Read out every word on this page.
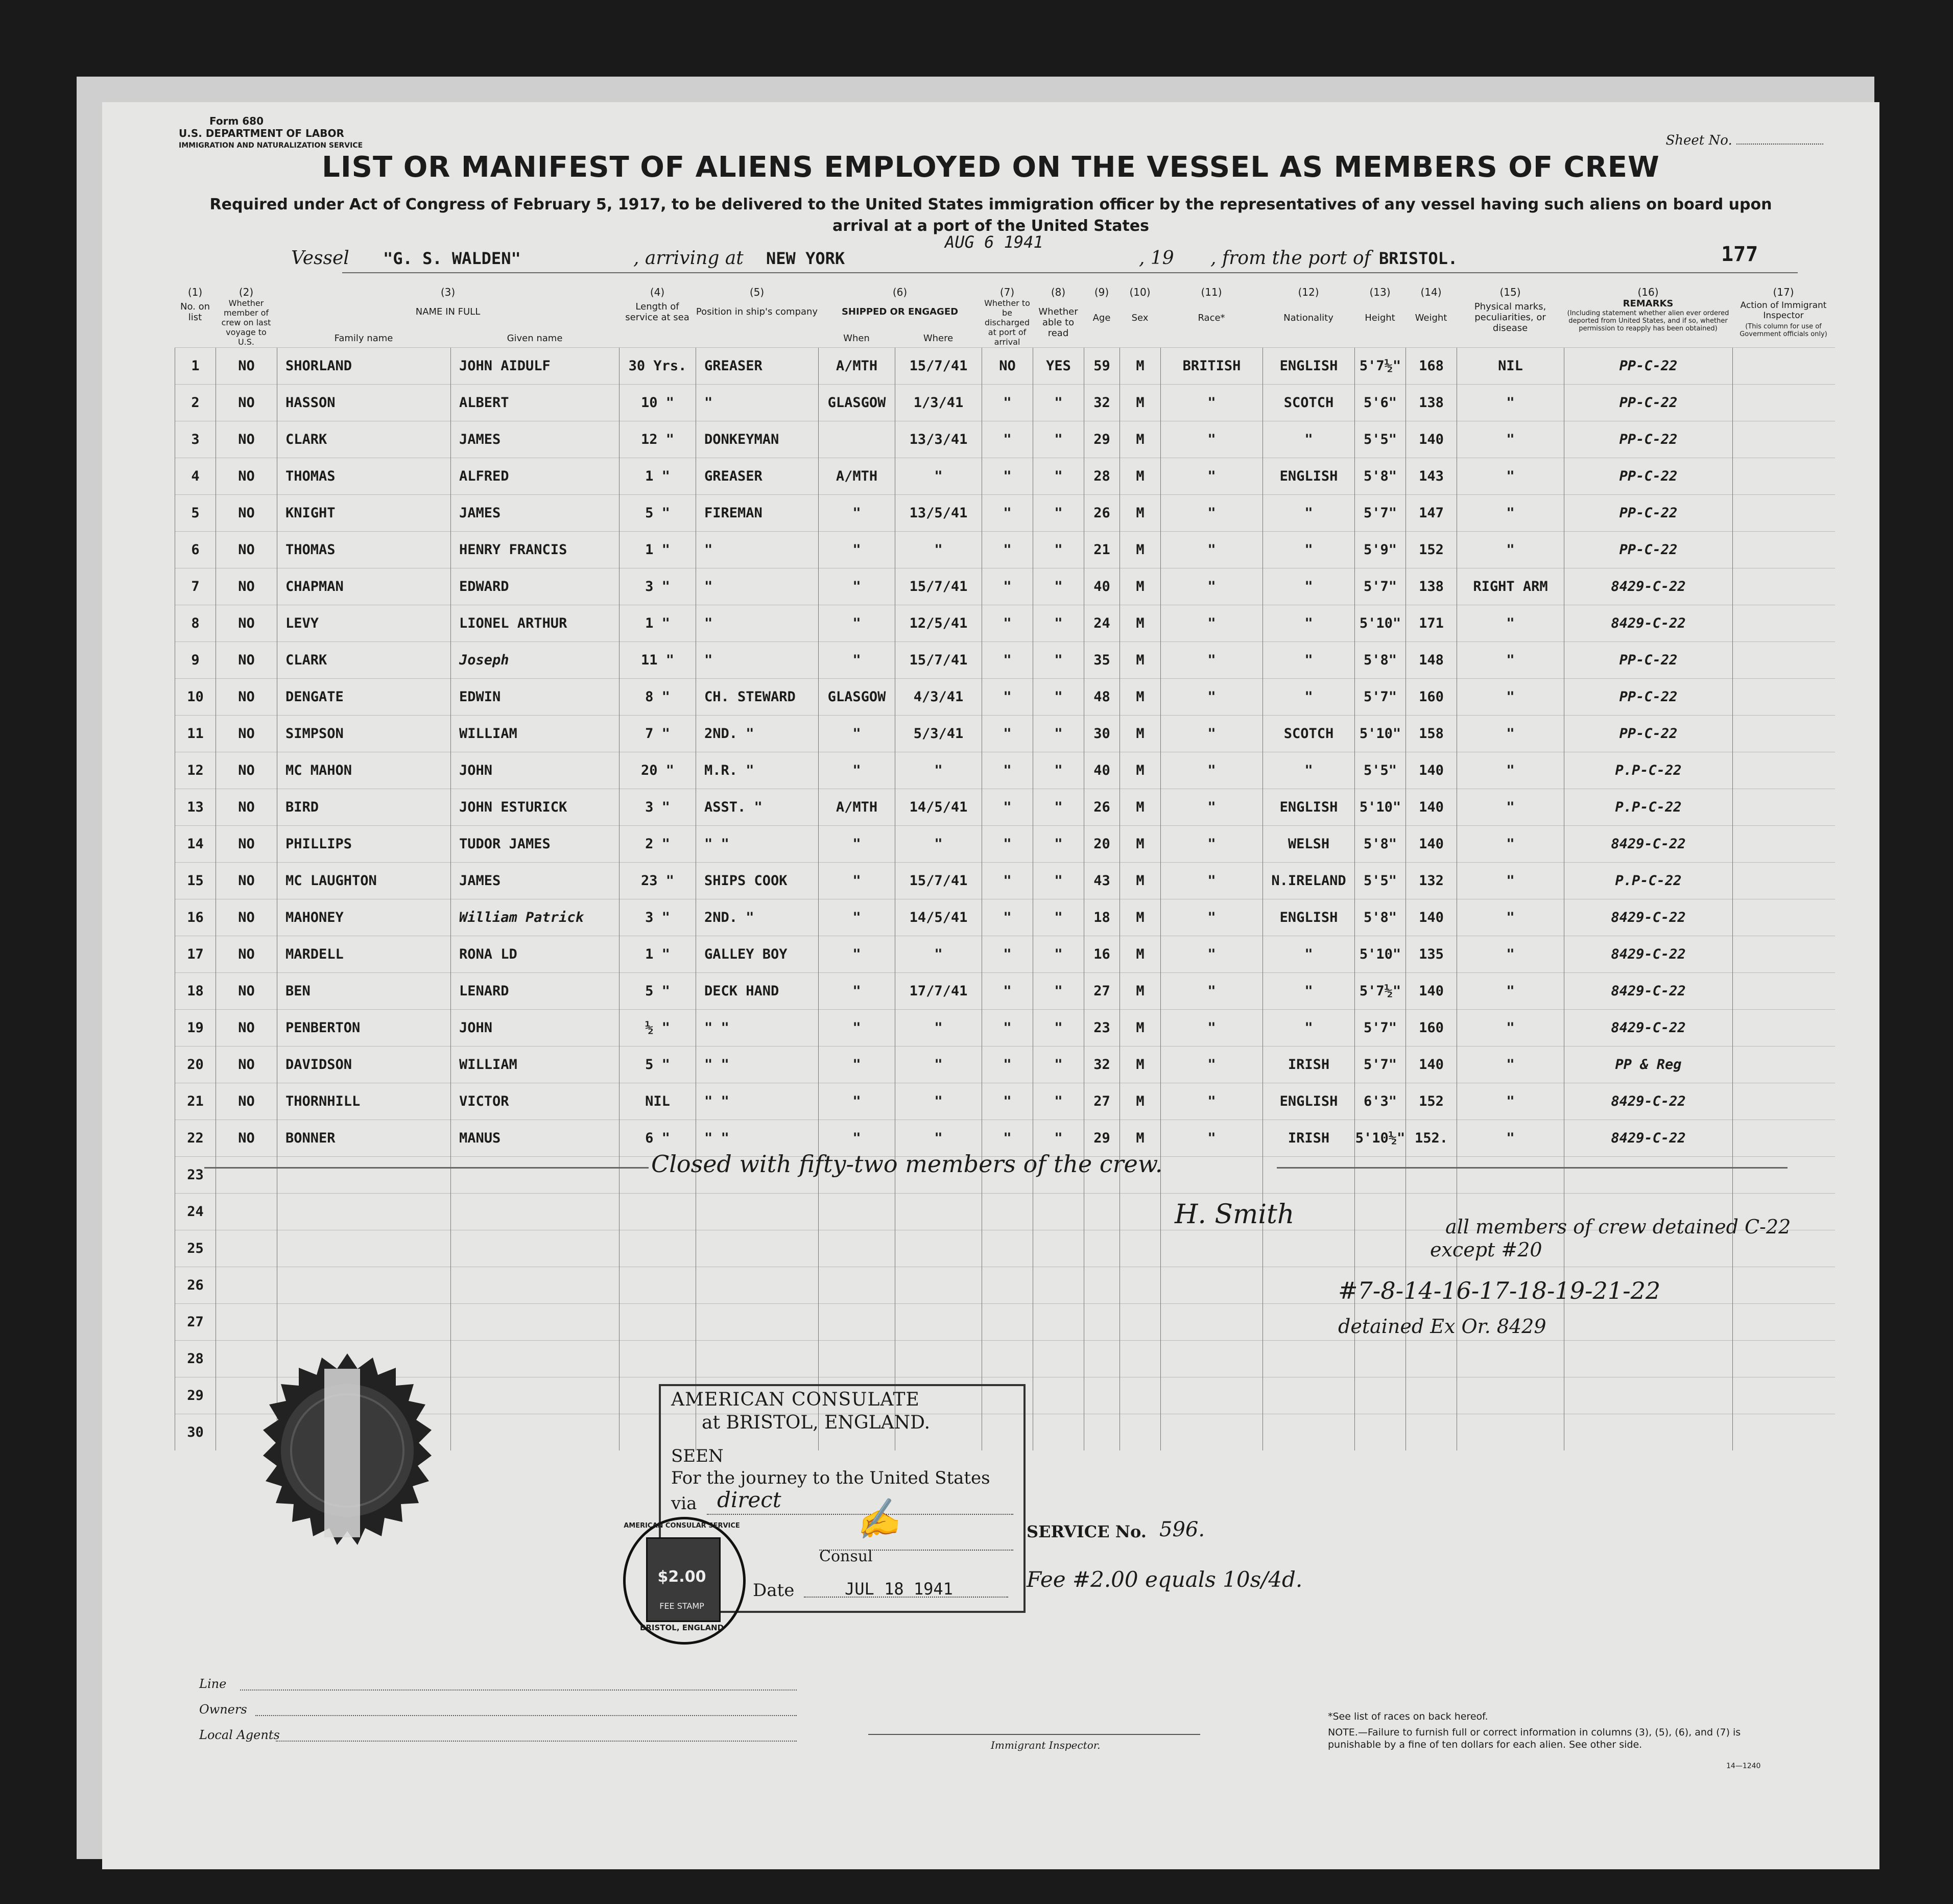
Form 680
U.S. DEPARTMENT OF LABOR
IMMIGRATION AND NATURALIZATION SERVICE	Sheet No.
LIST OR MANIFEST OF ALIENS EMPLOYED ON THE VESSEL AS MEMBERS OF CREW
Required under Act of Congress of February 5, 1917, to be delivered to the United States immigration officer by the representatives of any vessel having such aliens on board upon arrival at a port of the United States
Vessel "G. S. WALDEN"	, arriving at NEW YORK
AUG 6 1941
, 19 , from the port of BRISTOL.	177
(1)
No. on list
(2)
Whether member of crew on last voyage to U.S.
(3)
NAME IN FULL
Family name	Given name
(4)
Length of service at sea
(5)
Position in ship's company
(6)
SHIPPED OR ENGAGED
When	Where
(7)
Whether to be discharged at port of arrival
(8)
Whether able to read
(9)
Age
(10)
Sex
(11)
Race*
(12)
Nationality
(13)
Height
(14)
Weight
(15)
Physical marks, peculiarities, or disease
(16)
REMARKS
(Including statement whether alien ever ordered deported from United States, and if so, whether permission to reapply has been obtained)
(17)
Action of Immigrant Inspector
(This column for use of Government officials only)
1	NO	SHORLAND	JOHN AIDULF	30 Yrs.	GREASER	A/MTH	15/7/41	NO	YES	59	M	BRITISH	ENGLISH	5'7½"	168	NIL	PP-C-22	
2	NO	HASSON	ALBERT	10 "	"	GLASGOW	1/3/41	"	"	32	M	"	SCOTCH	5'6"	138	"	PP-C-22	
3	NO	CLARK	JAMES	12 "	DONKEYMAN		13/3/41	"	"	29	M	"	"	5'5"	140	"	PP-C-22	
4	NO	THOMAS	ALFRED	1 "	GREASER	A/MTH	"	"	"	28	M	"	ENGLISH	5'8"	143	"	PP-C-22	
5	NO	KNIGHT	JAMES	5 "	FIREMAN	"	13/5/41	"	"	26	M	"	"	5'7"	147	"	PP-C-22	
6	NO	THOMAS	HENRY FRANCIS	1 "	"	"	"	"	"	21	M	"	"	5'9"	152	"	PP-C-22	
7	NO	CHAPMAN	EDWARD	3 "	"	"	15/7/41	"	"	40	M	"	"	5'7"	138	RIGHT ARM	8429-C-22	
8	NO	LEVY	LIONEL ARTHUR	1 "	"	"	12/5/41	"	"	24	M	"	"	5'10"	171	"	8429-C-22	
9	NO	CLARK	Joseph	11 "	"	"	15/7/41	"	"	35	M	"	"	5'8"	148	"	PP-C-22	
10	NO	DENGATE	EDWIN	8 "	CH. STEWARD	GLASGOW	4/3/41	"	"	48	M	"	"	5'7"	160	"	PP-C-22	
11	NO	SIMPSON	WILLIAM	7 "	2ND. "	"	5/3/41	"	"	30	M	"	SCOTCH	5'10"	158	"	PP-C-22	
12	NO	MC MAHON	JOHN	20 "	M.R. "	"	"	"	"	40	M	"	"	5'5"	140	"	P.P-C-22	
13	NO	BIRD	JOHN ESTURICK	3 "	ASST. "	A/MTH	14/5/41	"	"	26	M	"	ENGLISH	5'10"	140	"	P.P-C-22	
14	NO	PHILLIPS	TUDOR JAMES	2 "	" "	"	"	"	"	20	M	"	WELSH	5'8"	140	"	8429-C-22	
15	NO	MC LAUGHTON	JAMES	23 "	SHIPS COOK	"	15/7/41	"	"	43	M	"	N.IRELAND	5'5"	132	"	P.P-C-22	
16	NO	MAHONEY	William Patrick	3 "	2ND. "	"	14/5/41	"	"	18	M	"	ENGLISH	5'8"	140	"	8429-C-22	
17	NO	MARDELL	RONA LD	1 "	GALLEY BOY	"	"	"	"	16	M	"	"	5'10"	135	"	8429-C-22	
18	NO	BEN	LENARD	5 "	DECK HAND	"	17/7/41	"	"	27	M	"	"	5'7½"	140	"	8429-C-22	
19	NO	PENBERTON	JOHN	½ "	" "	"	"	"	"	23	M	"	"	5'7"	160	"	8429-C-22	
20	NO	DAVIDSON	WILLIAM	5 "	" "	"	"	"	"	32	M	"	IRISH	5'7"	140	"	PP & Reg	
21	NO	THORNHILL	VICTOR	NIL	" "	"	"	"	"	27	M	"	ENGLISH	6'3"	152	"	8429-C-22	
22	NO	BONNER	MANUS	6 "	" "	"	"	"	"	29	M	"	IRISH	5'10½"	152.	"	8429-C-22	
23																		
24																		
25																		
26																		
27																		
28																		
29																		
30																		
Closed with fifty-two members of the crew.
H. Smith	all members of crew detained C-22
except #20
#7-8-14-16-17-18-19-21-22
detained Ex Or. 8429
AMERICAN CONSULATE
at BRISTOL, ENGLAND.
SEEN
For the journey to the United States
via direct
Consul
✍
Date	JUL 18 1941
AMERICAN CONSULAR SERVICE
$2.00
FEE STAMP
BRISTOL, ENGLAND
SERVICE No. 596.
Fee #2.00 equals 10s/4d.
Line
Owners
Local Agents
Immigrant Inspector.
*See list of races on back hereof.
NOTE.—Failure to furnish full or correct information in columns (3), (5), (6), and (7) is punishable by a fine of ten dollars for each alien. See other side.
14—1240
